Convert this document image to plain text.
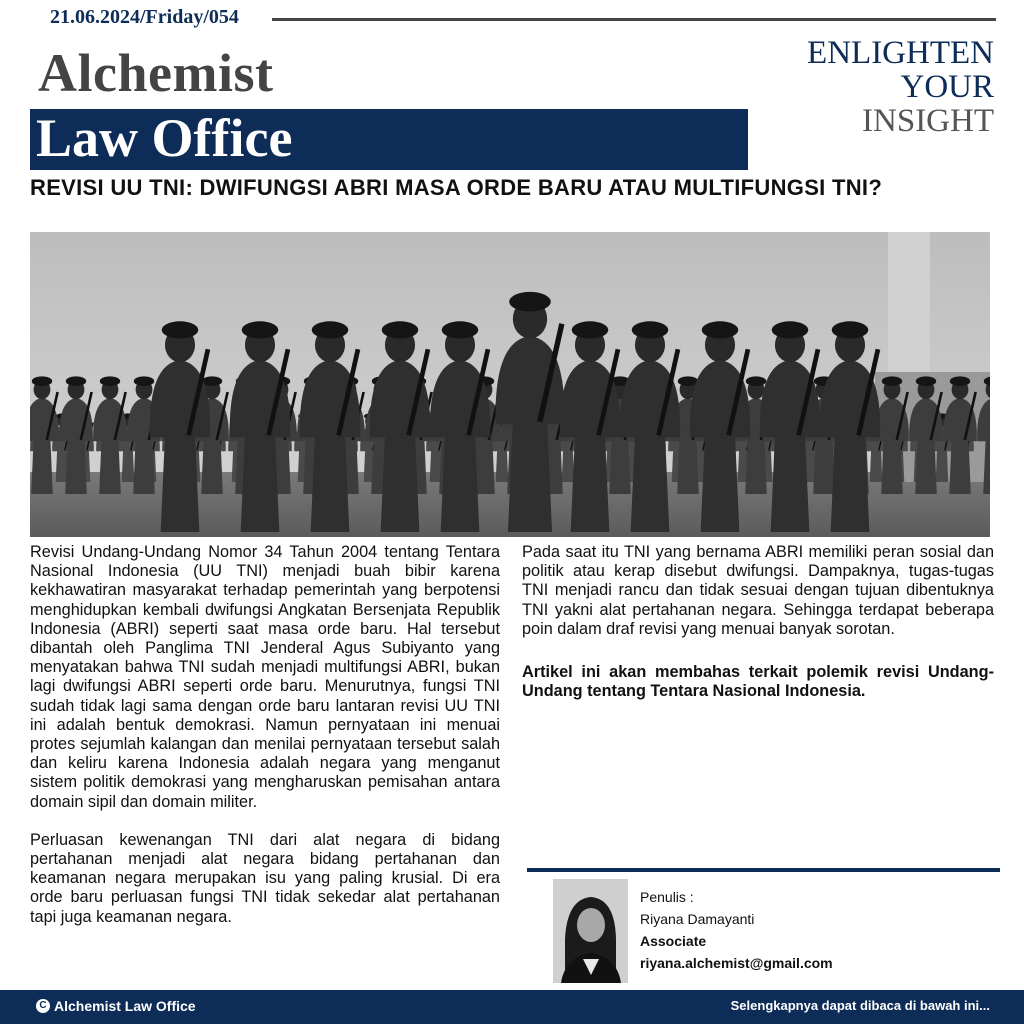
21.06.2024/Friday/054
Alchemist
Law Office
ENLIGHTEN
YOUR
INSIGHT
REVISI UU TNI: DWIFUNGSI ABRI MASA ORDE BARU ATAU MULTIFUNGSI TNI?

Revisi Undang-Undang Nomor 34 Tahun 2004 tentang Tentara Nasional Indonesia (UU TNI) menjadi buah bibir karena kekhawatiran masyarakat terhadap pemerintah yang berpotensi menghidupkan kembali dwifungsi Angkatan Bersenjata Republik Indonesia (ABRI) seperti saat masa orde baru. Hal tersebut dibantah oleh Panglima TNI Jenderal Agus Subiyanto yang menyatakan bahwa TNI sudah menjadi multifungsi ABRI, bukan lagi dwifungsi ABRI seperti orde baru. Menurutnya, fungsi TNI sudah tidak lagi sama dengan orde baru lantaran revisi UU TNI ini adalah bentuk demokrasi. Namun pernyataan ini menuai protes sejumlah kalangan dan menilai pernyataan tersebut salah dan keliru karena Indonesia adalah negara yang menganut sistem politik demokrasi yang mengharuskan pemisahan antara domain sipil dan domain militer.

Perluasan kewenangan TNI dari alat negara di bidang pertahanan menjadi alat negara bidang pertahanan dan keamanan negara merupakan isu yang paling krusial. Di era orde baru perluasan fungsi TNI tidak sekedar alat pertahanan tapi juga keamanan negara.

Pada saat itu TNI yang bernama ABRI memiliki peran sosial dan politik atau kerap disebut dwifungsi. Dampaknya, tugas-tugas TNI menjadi rancu dan tidak sesuai dengan tujuan dibentuknya TNI yakni alat pertahanan negara. Sehingga terdapat beberapa poin dalam draf revisi yang menuai banyak sorotan.

Artikel ini akan membahas terkait polemik revisi Undang-Undang tentang Tentara Nasional Indonesia.

Penulis :
Riyana Damayanti
Associate
riyana.alchemist@gmail.com
C Alchemist Law Office	Selengkapnya dapat dibaca di bawah ini...
